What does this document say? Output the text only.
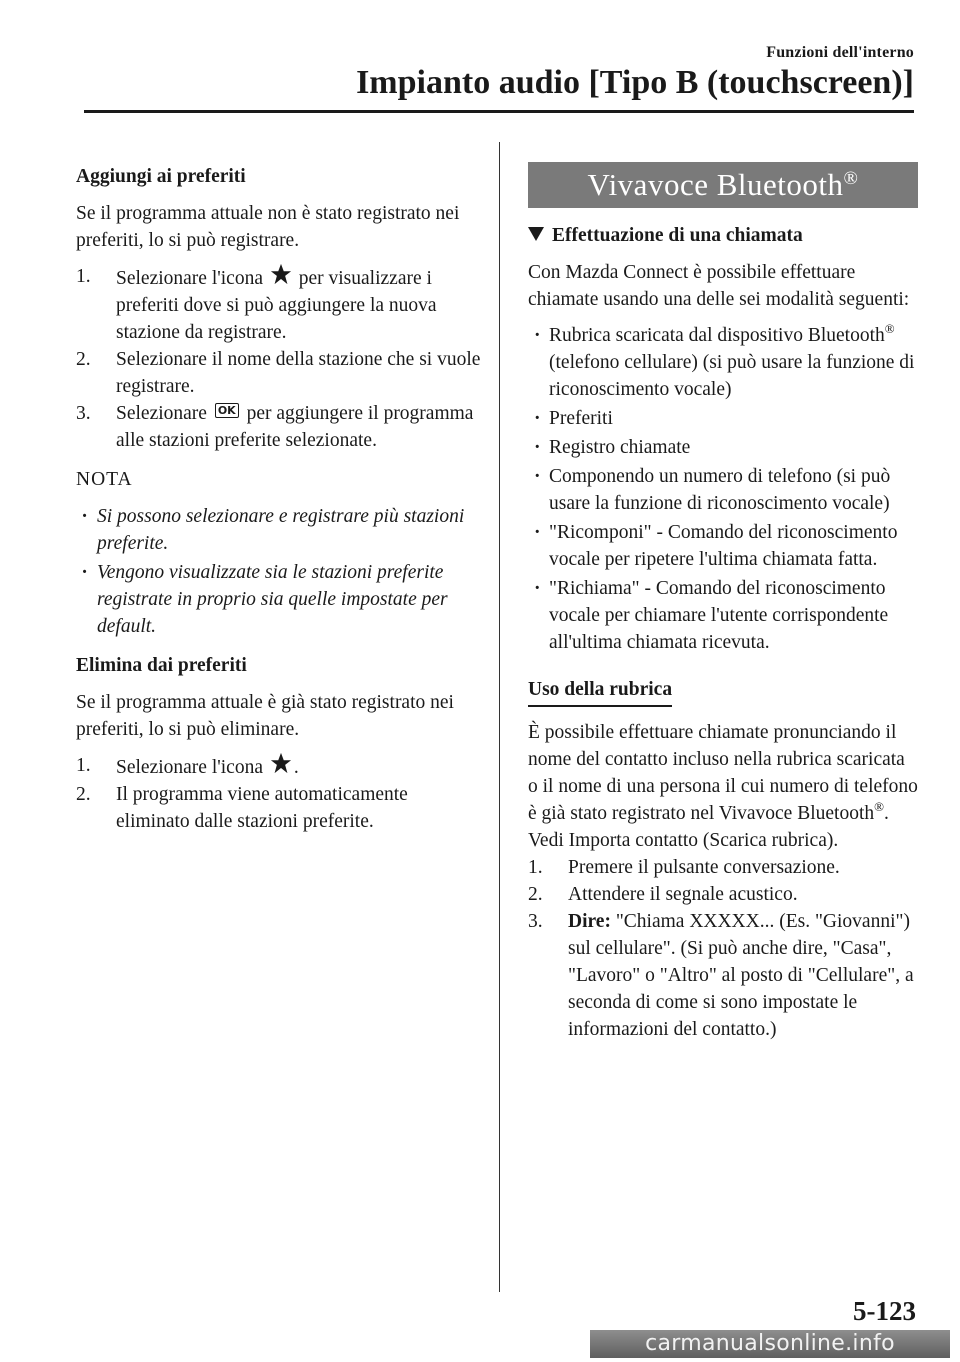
Funzioni dell'interno
Impianto audio [Tipo B (touchscreen)]
Aggiungi ai preferiti

Se il programma attuale non è stato registrato nei preferiti, lo si può registrare.

1. Selezionare l'icona per visualizzare i preferiti dove si può aggiungere la nuova stazione da registrare.
2. Selezionare il nome della stazione che si vuole registrare.
3. Selezionare OK per aggiungere il programma alle stazioni preferite selezionate.
NOTA
· Si possono selezionare e registrare più stazioni preferite.
· Vengono visualizzate sia le stazioni preferite registrate in proprio sia quelle impostate per default.
Elimina dai preferiti

Se il programma attuale è già stato registrato nei preferiti, lo si può eliminare.

1. Selezionare l'icona .
2. Il programma viene automaticamente eliminato dalle stazioni preferite.
Vivavoce Bluetooth®
Effettuazione di una chiamata

Con Mazda Connect è possibile effettuare chiamate usando una delle sei modalità seguenti:

· Rubrica scaricata dal dispositivo Bluetooth® (telefono cellulare) (si può usare la funzione di riconoscimento vocale)
· Preferiti
· Registro chiamate
· Componendo un numero di telefono (si può usare la funzione di riconoscimento vocale)
· "Ricomponi" - Comando del riconoscimento vocale per ripetere l'ultima chiamata fatta.
· "Richiama" - Comando del riconoscimento vocale per chiamare l'utente corrispondente all'ultima chiamata ricevuta.
Uso della rubrica

È possibile effettuare chiamate pronunciando il nome del contatto incluso nella rubrica scaricata o il nome di una persona il cui numero di telefono è già stato registrato nel Vivavoce Bluetooth®.

Vedi Importa contatto (Scarica rubrica).

1. Premere il pulsante conversazione.
2. Attendere il segnale acustico.
3. Dire: "Chiama XXXXX... (Es. "Giovanni") sul cellulare". (Si può anche dire, "Casa", "Lavoro" o "Altro" al posto di "Cellulare", a seconda di come si sono impostate le informazioni del contatto.)
5-123
carmanualsonline.info
